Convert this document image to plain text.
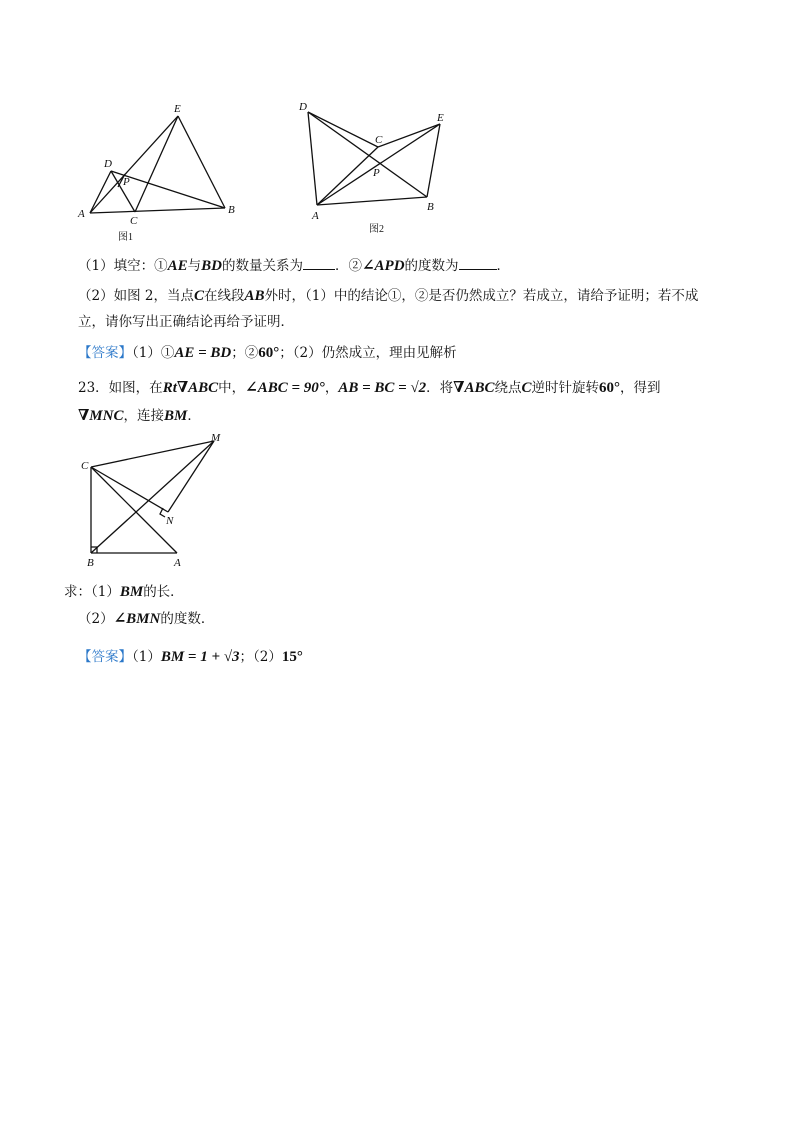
A	B
C
D
E
P
图1
D
A
B
C
E
P
图2
（1）填空：①AE与BD的数量关系为 ．②∠APD的度数为	．
（2）如图 2，当点C在线段AB外时，（1）中的结论①，②是否仍然成立？若成立，请给予证明；若不成
立，请你写出正确结论再给予证明．
【答案】（1）①AE = BD；②60°；（2）仍然成立，理由见解析
23．如图，在Rt∇ABC中，∠ABC = 90°，AB = BC = √2．将∇ABC绕点C逆时针旋转60°，得到
∇MNC，连接BM．
C
B	A
M
N
求：（1）BM的长．
（2）∠BMN的度数．
【答案】（1）BM = 1 + √3；（2）15°
